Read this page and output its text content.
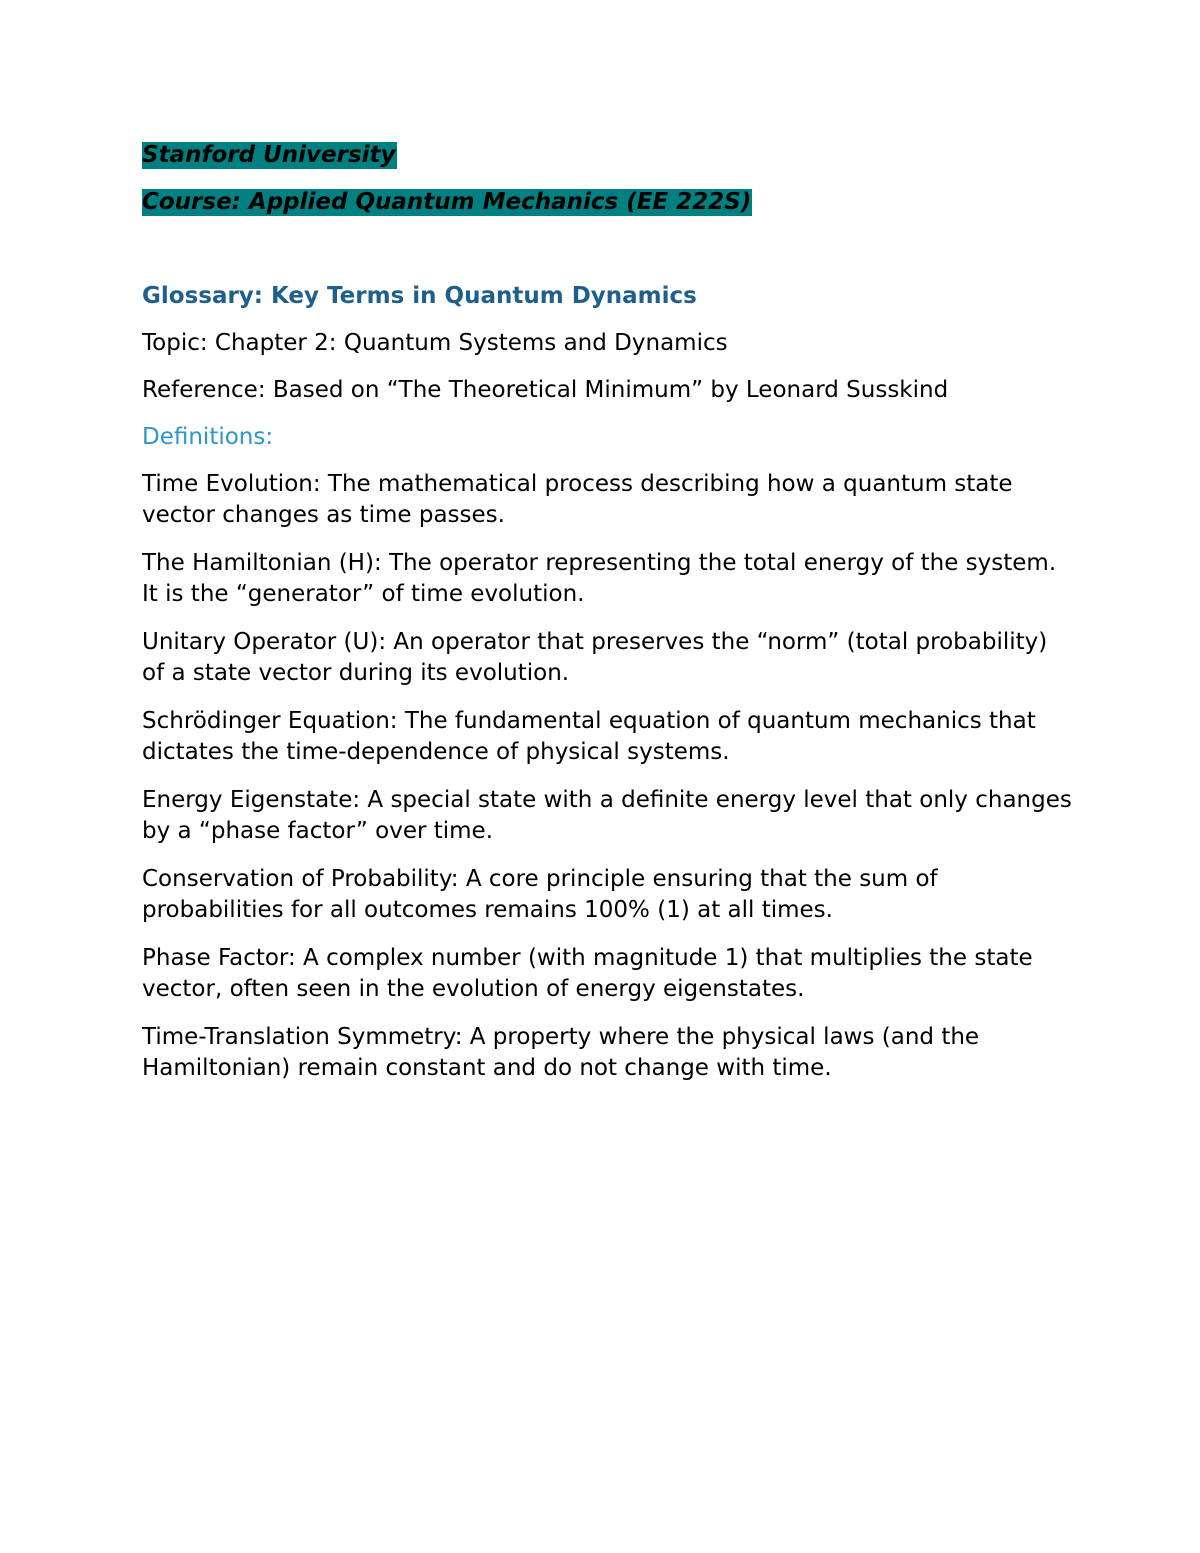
Stanford University

Course: Applied Quantum Mechanics (EE 222S)

Glossary: Key Terms in Quantum Dynamics

Topic: Chapter 2: Quantum Systems and Dynamics

Reference: Based on “The Theoretical Minimum” by Leonard Susskind

Definitions:

Time Evolution: The mathematical process describing how a quantum state vector changes as time passes.

The Hamiltonian (H): The operator representing the total energy of the system. It is the “generator” of time evolution.

Unitary Operator (U): An operator that preserves the “norm” (total probability) of a state vector during its evolution.

Schrödinger Equation: The fundamental equation of quantum mechanics that dictates the time-dependence of physical systems.

Energy Eigenstate: A special state with a definite energy level that only changes by a “phase factor” over time.

Conservation of Probability: A core principle ensuring that the sum of probabilities for all outcomes remains 100% (1) at all times.

Phase Factor: A complex number (with magnitude 1) that multiplies the state vector, often seen in the evolution of energy eigenstates.

Time-Translation Symmetry: A property where the physical laws (and the Hamiltonian) remain constant and do not change with time.
